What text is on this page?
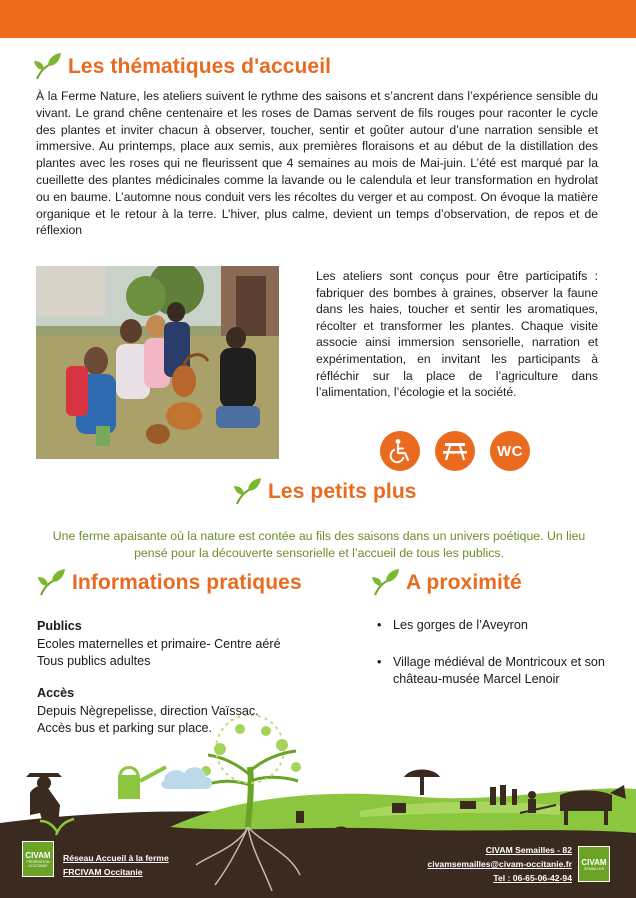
Les thématiques d'accueil

À la Ferme Nature, les ateliers suivent le rythme des saisons et s’ancrent dans l’expérience sensible du vivant. Le grand chêne centenaire et les roses de Damas servent de fils rouges pour raconter le cycle des plantes et inviter chacun à observer, toucher, sentir et goûter autour d’une narration sensible et immersive. Au printemps, place aux semis, aux premières floraisons et au début de la distillation des plantes avec les roses qui ne fleurissent que 4 semaines au mois de Mai-juin. L’été est marqué par la cueillette des plantes médicinales comme la lavande ou le calendula et leur transformation en hydrolat ou en baume. L’automne nous conduit vers les récoltes du verger et au compost. On évoque la matière organique et le retour à la terre. L’hiver, plus calme, devient un temps d’observation, de repos et de réflexion

Les ateliers sont conçus pour être participatifs : fabriquer des bombes à graines, observer la faune dans les haies, toucher et sentir les aromatiques, récolter et transformer les plantes. Chaque visite associe ainsi immersion sensorielle, narration et expérimentation, en invitant les participants à réfléchir sur la place de l’agriculture dans l’alimentation, l’écologie et la société.

WC
Les petits plus

Une ferme apaisante où la nature est contée au fils des saisons dans un univers poétique. Un lieu pensé pour la découverte sensorielle et l’accueil de tous les publics.

Informations pratiques	A proximité
Publics
Ecoles maternelles et primaire- Centre aéré
Tous publics adultes
Accès
Depuis Nègrepelisse, direction Vaïssac.
Accès bus et parking sur place.
• Les gorges de l’Aveyron
• Village médiéval de Montricoux et son château-musée Marcel Lenoir
CIVAM
FÉDÉRATION OCCITANIE
Réseau Accueil à la ferme
FRCIVAM Occitanie
CIVAM Semailles - 82
civamsemailles@civam-occitanie.fr
Tel : 06-65-06-42-94
CIVAM
SEMAILLES
